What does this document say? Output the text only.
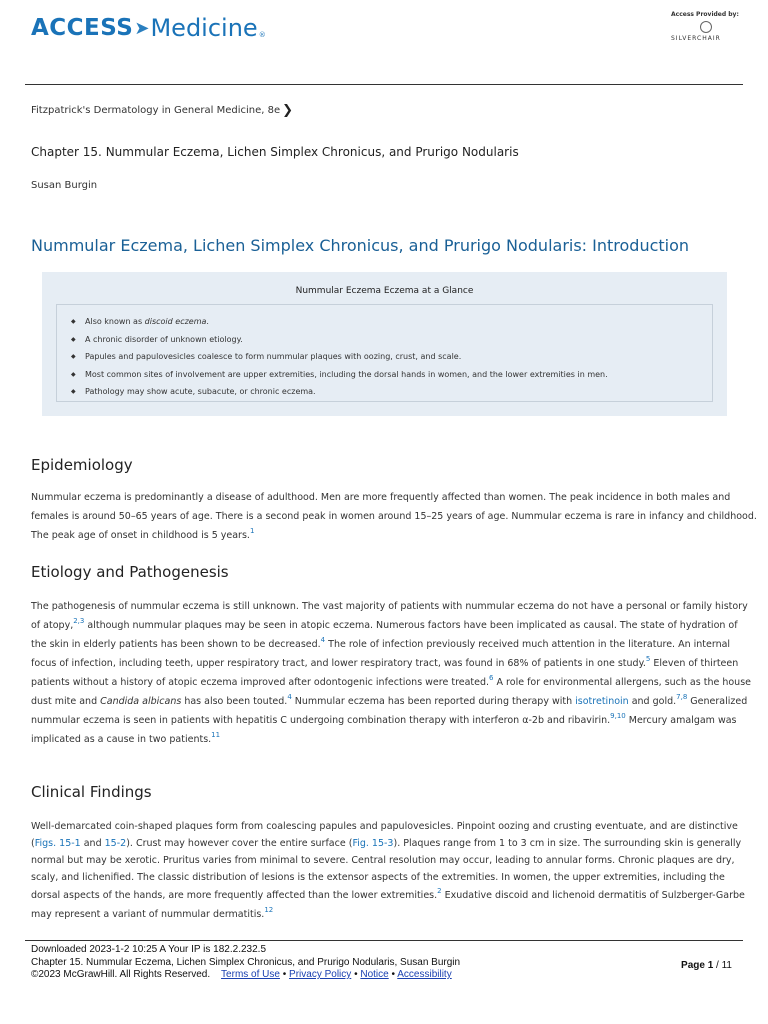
ACCESS ➤ Medicine ®
Access Provided by:
SILVERCHAIR
Fitzpatrick's Dermatology in General Medicine, 8e ❯
Chapter 15. Nummular Eczema, Lichen Simplex Chronicus, and Prurigo Nodularis
Susan Burgin
Nummular Eczema, Lichen Simplex Chronicus, and Prurigo Nodularis: Introduction
Nummular Eczema Eczema at a Glance
◆ Also known as discoid eczema.
◆ A chronic disorder of unknown etiology.
◆ Papules and papulovesicles coalesce to form nummular plaques with oozing, crust, and scale.
◆ Most common sites of involvement are upper extremities, including the dorsal hands in women, and the lower extremities in men.
◆ Pathology may show acute, subacute, or chronic eczema.
Epidemiology
Nummular eczema is predominantly a disease of adulthood. Men are more frequently affected than women. The peak incidence in both males and
females is around 50–65 years of age. There is a second peak in women around 15–25 years of age. Nummular eczema is rare in infancy and childhood.
The peak age of onset in childhood is 5 years.$^1$
Etiology and Pathogenesis
The pathogenesis of nummular eczema is still unknown. The vast majority of patients with nummular eczema do not have a personal or family history
of atopy,$^{2,3}$ although nummular plaques may be seen in atopic eczema. Numerous factors have been implicated as causal. The state of hydration of
the skin in elderly patients has been shown to be decreased.$^4$ The role of infection previously received much attention in the literature. An internal
focus of infection, including teeth, upper respiratory tract, and lower respiratory tract, was found in 68% of patients in one study.$^5$ Eleven of thirteen
patients without a history of atopic eczema improved after odontogenic infections were treated.$^6$ A role for environmental allergens, such as the house
dust mite and Candida albicans has also been touted.$^4$ Nummular eczema has been reported during therapy with isotretinoin and gold.$^{7,8}$ Generalized
nummular eczema is seen in patients with hepatitis C undergoing combination therapy with interferon α-2b and ribavirin.$^{9,10}$ Mercury amalgam was
implicated as a cause in two patients.$^{11}$
Clinical Findings
Well-demarcated coin-shaped plaques form from coalescing papules and papulovesicles. Pinpoint oozing and crusting eventuate, and are distinctive
(Figs. 15-1 and 15-2). Crust may however cover the entire surface (Fig. 15-3). Plaques range from 1 to 3 cm in size. The surrounding skin is generally
normal but may be xerotic. Pruritus varies from minimal to severe. Central resolution may occur, leading to annular forms. Chronic plaques are dry,
scaly, and lichenified. The classic distribution of lesions is the extensor aspects of the extremities. In women, the upper extremities, including the
dorsal aspects of the hands, are more frequently affected than the lower extremities.$^2$ Exudative discoid and lichenoid dermatitis of Sulzberger-Garbe
may represent a variant of nummular dermatitis.$^{12}$
Downloaded 2023-1-2 10:25 A Your IP is 182.2.232.5
Chapter 15. Nummular Eczema, Lichen Simplex Chronicus, and Prurigo Nodularis, Susan Burgin
©2023 McGrawHill. All Rights Reserved. Terms of Use • Privacy Policy • Notice • Accessibility
Page 1 / 11
